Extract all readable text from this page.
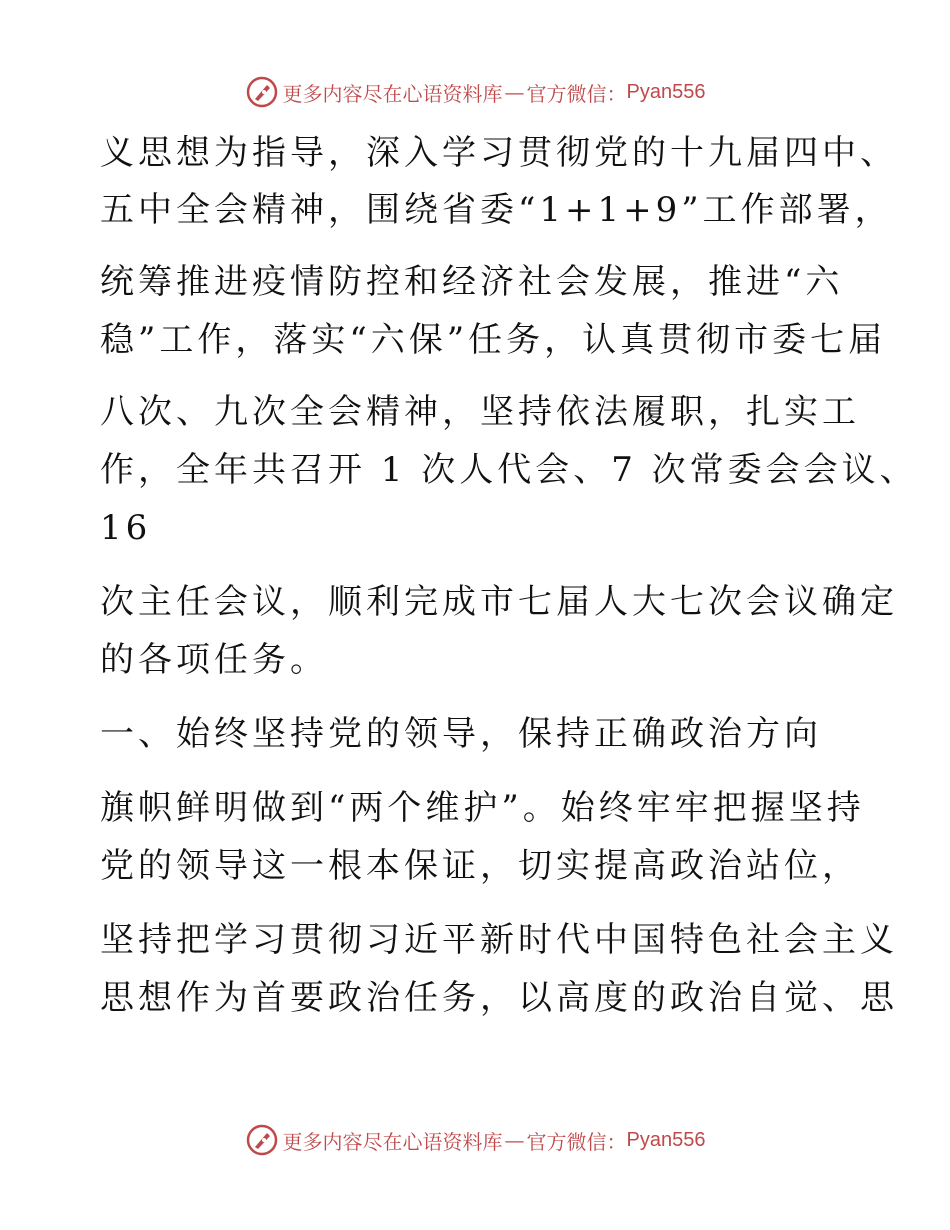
更多内容尽在心语资料库 — 官方微信： Pyan556
义思想为指导，深入学习贯彻党的十九届四中、
五中全会精神，围绕省委“1+1+9”工作部署，
统筹推进疫情防控和经济社会发展，推进“六
稳”工作，落实“六保”任务，认真贯彻市委七届
八次、九次全会精神，坚持依法履职，扎实工
作，全年共召开 1 次人代会、7 次常委会会议、
16
次主任会议，顺利完成市七届人大七次会议确定
的各项任务。
一、始终坚持党的领导，保持正确政治方向
旗帜鲜明做到“两个维护”。始终牢牢把握坚持
党的领导这一根本保证，切实提高政治站位，
坚持把学习贯彻习近平新时代中国特色社会主义
思想作为首要政治任务，以高度的政治自觉、思
更多内容尽在心语资料库 — 官方微信： Pyan556
